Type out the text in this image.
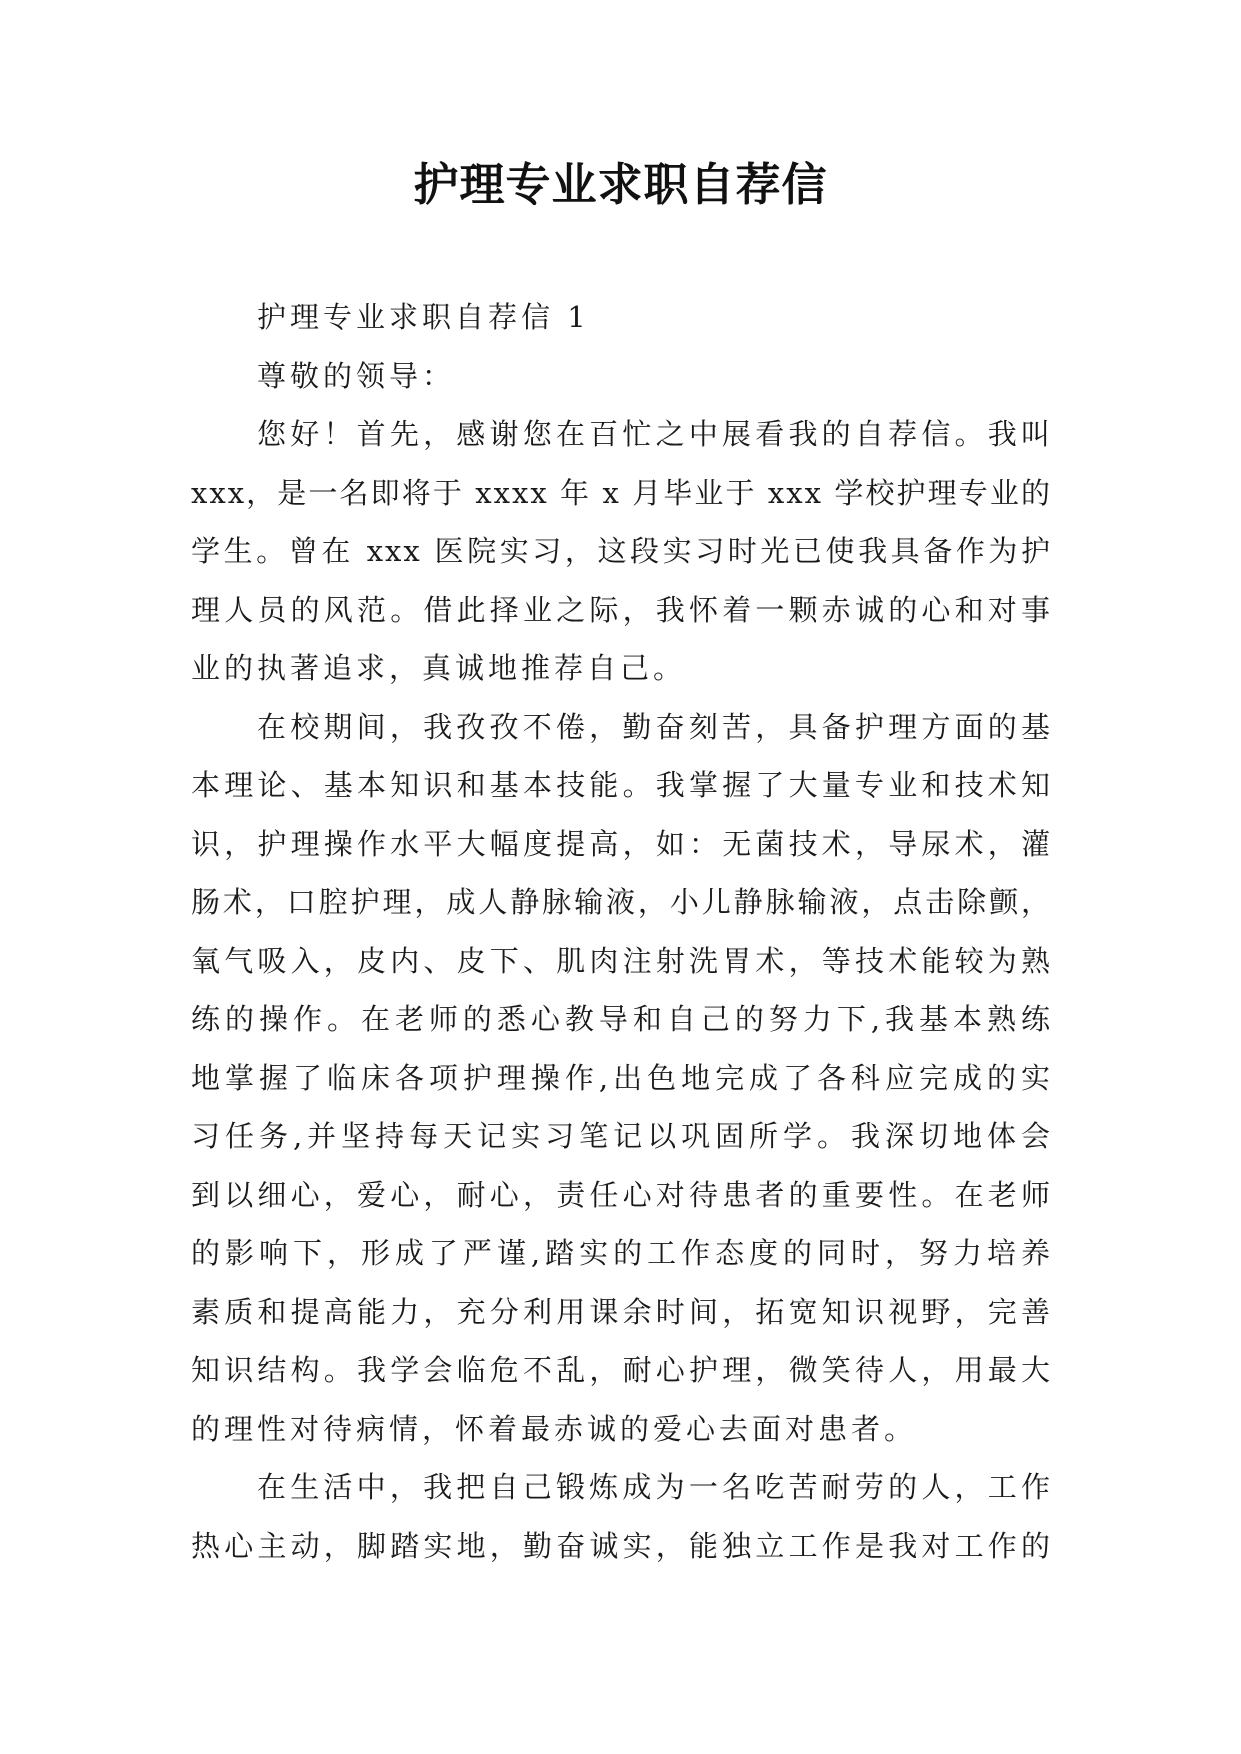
护理专业求职自荐信
护理专业求职自荐信 1
尊敬的领导：
您好！首先，感谢您在百忙之中展看我的自荐信。我叫
xxx，是一名即将于 xxxx 年 x 月毕业于 xxx 学校护理专业的
学生。曾在 xxx 医院实习，这段实习时光已使我具备作为护
理人员的风范。借此择业之际，我怀着一颗赤诚的心和对事
业的执著追求，真诚地推荐自己。
在校期间，我孜孜不倦，勤奋刻苦，具备护理方面的基
本理论、基本知识和基本技能。我掌握了大量专业和技术知
识，护理操作水平大幅度提高，如：无菌技术，导尿术，灌
肠术，口腔护理，成人静脉输液，小儿静脉输液，点击除颤，
氧气吸入，皮内、皮下、肌肉注射洗胃术，等技术能较为熟
练的操作。在老师的悉心教导和自己的努力下,我基本熟练
地掌握了临床各项护理操作,出色地完成了各科应完成的实
习任务,并坚持每天记实习笔记以巩固所学。我深切地体会
到以细心，爱心，耐心，责任心对待患者的重要性。在老师
的影响下，形成了严谨,踏实的工作态度的同时，努力培养
素质和提高能力，充分利用课余时间，拓宽知识视野，完善
知识结构。我学会临危不乱，耐心护理，微笑待人，用最大
的理性对待病情，怀着最赤诚的爱心去面对患者。
在生活中，我把自己锻炼成为一名吃苦耐劳的人，工作
热心主动，脚踏实地，勤奋诚实，能独立工作是我对工作的
